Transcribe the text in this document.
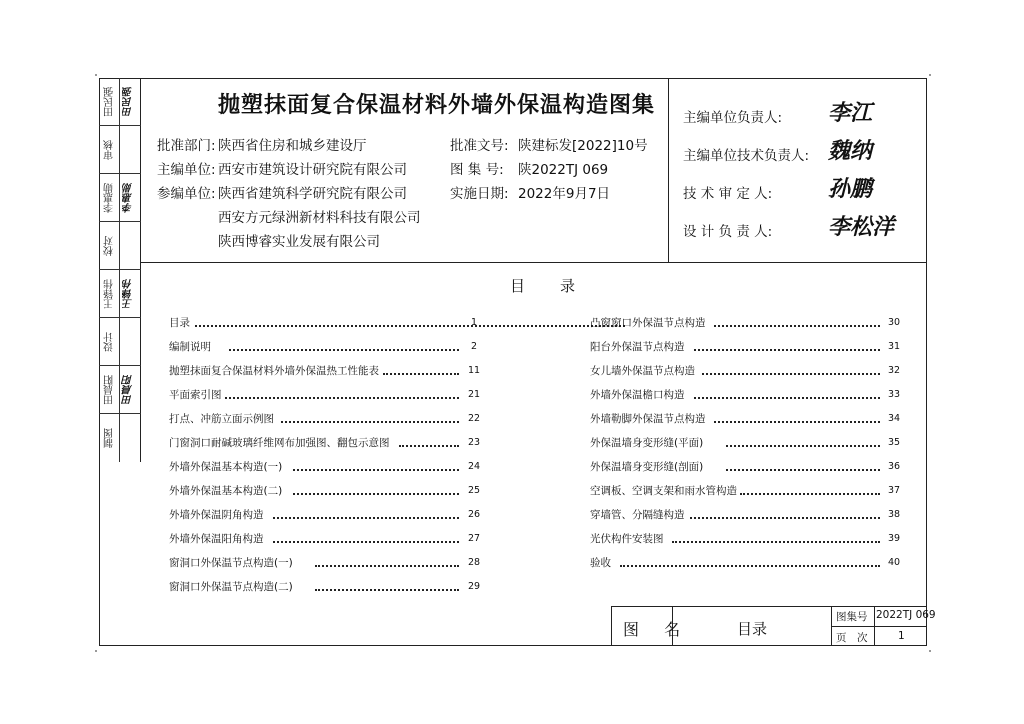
田民强 田民强
审核
李惠勋 李惠勋
校对
王锋伟 王锋伟
设计
田晨阳 田晨阳
制图
抛塑抹面复合保温材料外墙外保温构造图集
批准部门: 陕西省住房和城乡建设厅
主编单位: 西安市建筑设计研究院有限公司
参编单位: 陕西省建筑科学研究院有限公司
西安方元绿洲新材料科技有限公司
陕西博睿实业发展有限公司
批准文号: 陕建标发[2022]10号
图 集 号: 陕2022TJ 069
实施日期: 2022年9月7日
主编单位负责人: 李江
主编单位技术负责人: 魏纳
技 术 审 定 人:	孙鹏
设 计 负 责 人:	李松洋
目　录
目录	1
编制说明	2
抛塑抹面复合保温材料外墙外保温热工性能表	11
平面索引图	21
打点、冲筋立面示例图	22
门窗洞口耐碱玻璃纤维网布加强图、翻包示意图	23
外墙外保温基本构造(一)	24
外墙外保温基本构造(二)	25
外墙外保温阴角构造	26
外墙外保温阳角构造	27
窗洞口外保温节点构造(一)	28
窗洞口外保温节点构造(二)	29
凸窗窗口外保温节点构造	30
阳台外保温节点构造	31
女儿墙外保温节点构造	32
外墙外保温檐口构造	33
外墙勒脚外保温节点构造	34
外保温墙身变形缝(平面)	35
外保温墙身变形缝(剖面)	36
空调板、空调支架和雨水管构造	37
穿墙管、分隔缝构造	38
光伏构件安装图	39
验收	40
图 名	目录
图集号 2022TJ 069
页　次	1
